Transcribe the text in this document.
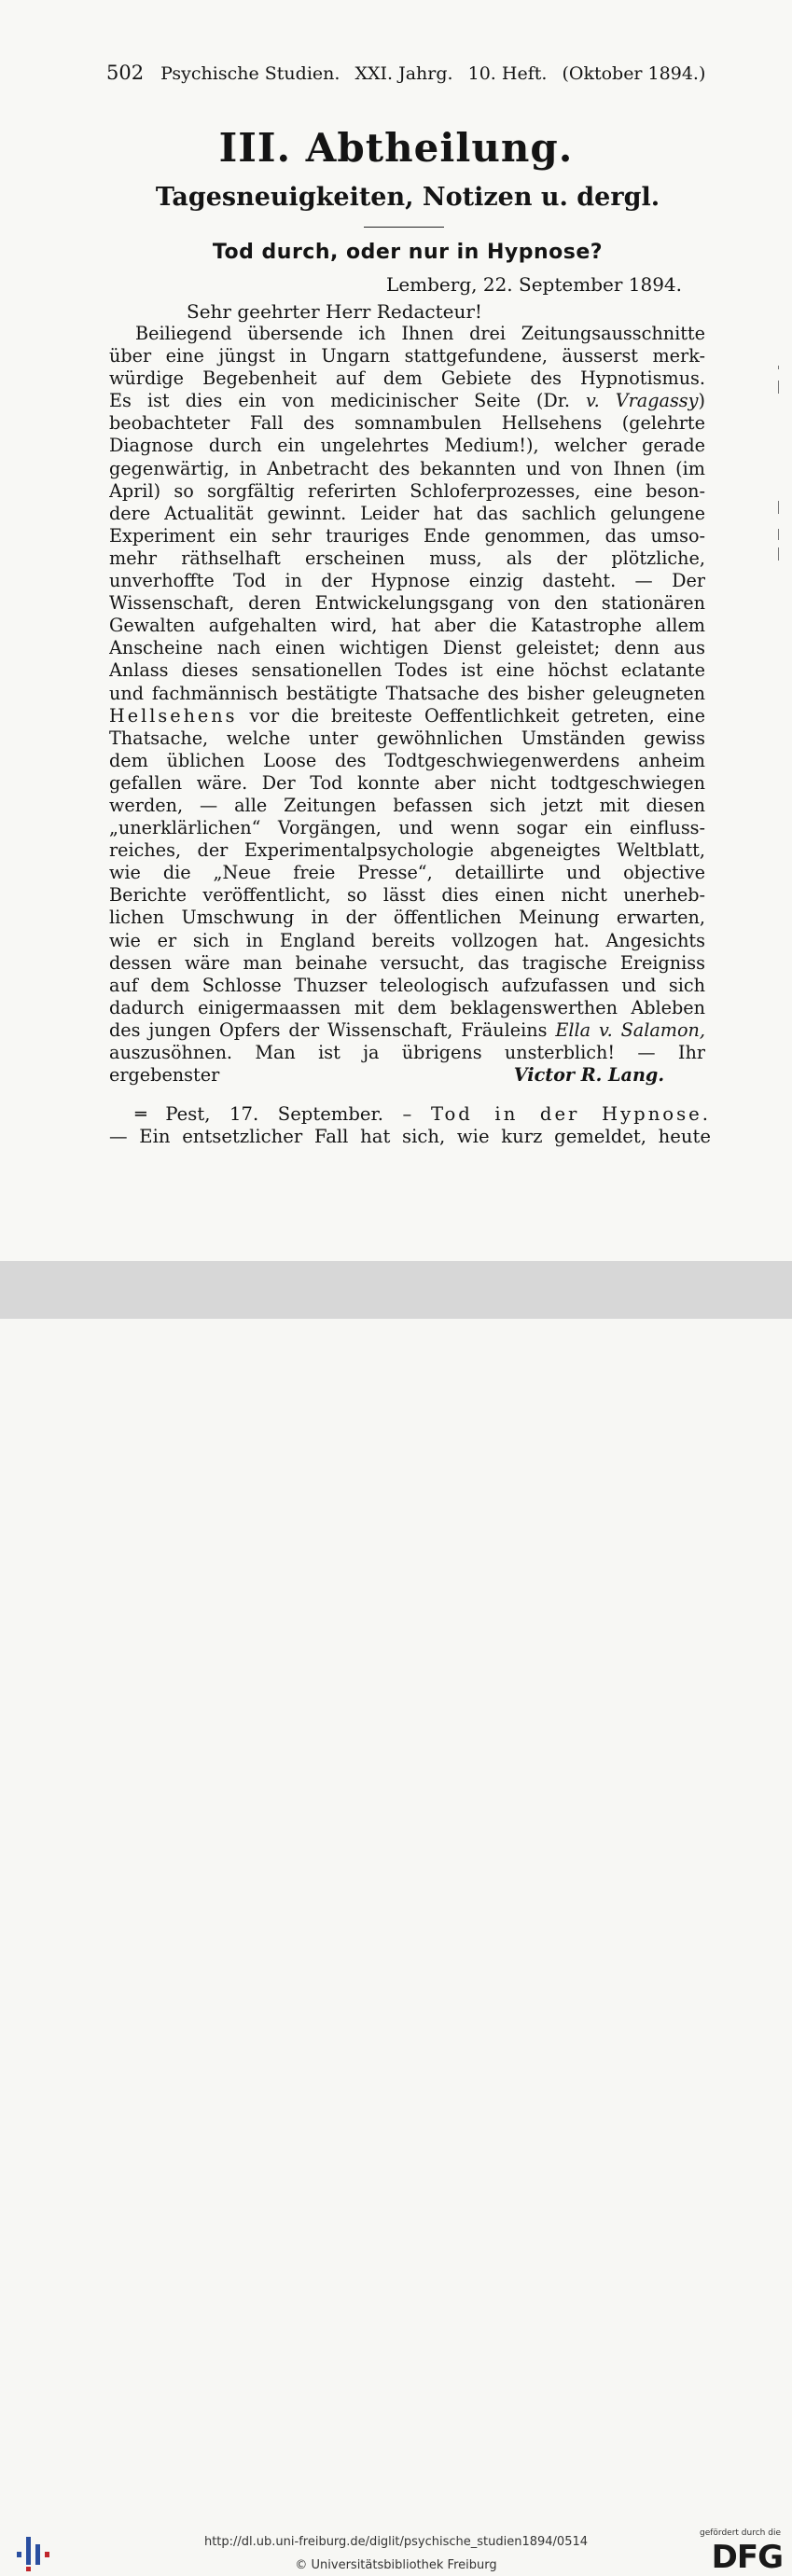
502 Psychische Studien. XXI. Jahrg. 10. Heft. (Oktober 1894.)
III. Abtheilung.
Tagesneuigkeiten, Notizen u. dergl.
Tod durch, oder nur in Hypnose?
Lemberg, 22. September 1894.
Sehr geehrter Herr Redacteur!
Beiliegend übersende ich Ihnen drei Zeitungsausschnitte
über eine jüngst in Ungarn stattgefundene, äusserst merk-
würdige Begebenheit auf dem Gebiete des Hypnotismus.
Es ist dies ein von medicinischer Seite (Dr. v. Vragassy)
beobachteter Fall des somnambulen Hellsehens (gelehrte
Diagnose durch ein ungelehrtes Medium!), welcher gerade
gegenwärtig, in Anbetracht des bekannten und von Ihnen (im
April) so sorgfältig referirten Schloferprozesses, eine beson-
dere Actualität gewinnt. Leider hat das sachlich gelungene
Experiment ein sehr trauriges Ende genommen, das umso-
mehr räthselhaft erscheinen muss, als der plötzliche,
unverhoffte Tod in der Hypnose einzig dasteht. — Der
Wissenschaft, deren Entwickelungsgang von den stationären
Gewalten aufgehalten wird, hat aber die Katastrophe allem
Anscheine nach einen wichtigen Dienst geleistet; denn aus
Anlass dieses sensationellen Todes ist eine höchst eclatante
und fachmännisch bestätigte Thatsache des bisher geleugneten
Hellsehens vor die breiteste Oeffentlichkeit getreten, eine
Thatsache, welche unter gewöhnlichen Umständen gewiss
dem üblichen Loose des Todtgeschwiegenwerdens anheim
gefallen wäre. Der Tod konnte aber nicht todtgeschwiegen
werden, — alle Zeitungen befassen sich jetzt mit diesen
„unerklärlichen“ Vorgängen, und wenn sogar ein einfluss-
reiches, der Experimentalpsychologie abgeneigtes Weltblatt,
wie die „Neue freie Presse“, detaillirte und objective
Berichte veröffentlicht, so lässt dies einen nicht unerheb-
lichen Umschwung in der öffentlichen Meinung erwarten,
wie er sich in England bereits vollzogen hat. Angesichts
dessen wäre man beinahe versucht, das tragische Ereigniss
auf dem Schlosse Thuzser teleologisch aufzufassen und sich
dadurch einigermaassen mit dem beklagenswerthen Ableben
des jungen Opfers der Wissenschaft, Fräuleins Ella v. Salamon,
auszusöhnen. Man ist ja übrigens unsterblich! — Ihr
ergebenster	Victor R. Lang.
═ Pest, 17. September. – Tod in der Hypnose.
— Ein entsetzlicher Fall hat sich, wie kurz gemeldet, heute
http://dl.ub.uni-freiburg.de/diglit/psychische_studien1894/0514
© Universitätsbibliothek Freiburg
gefördert durch die
DFG
